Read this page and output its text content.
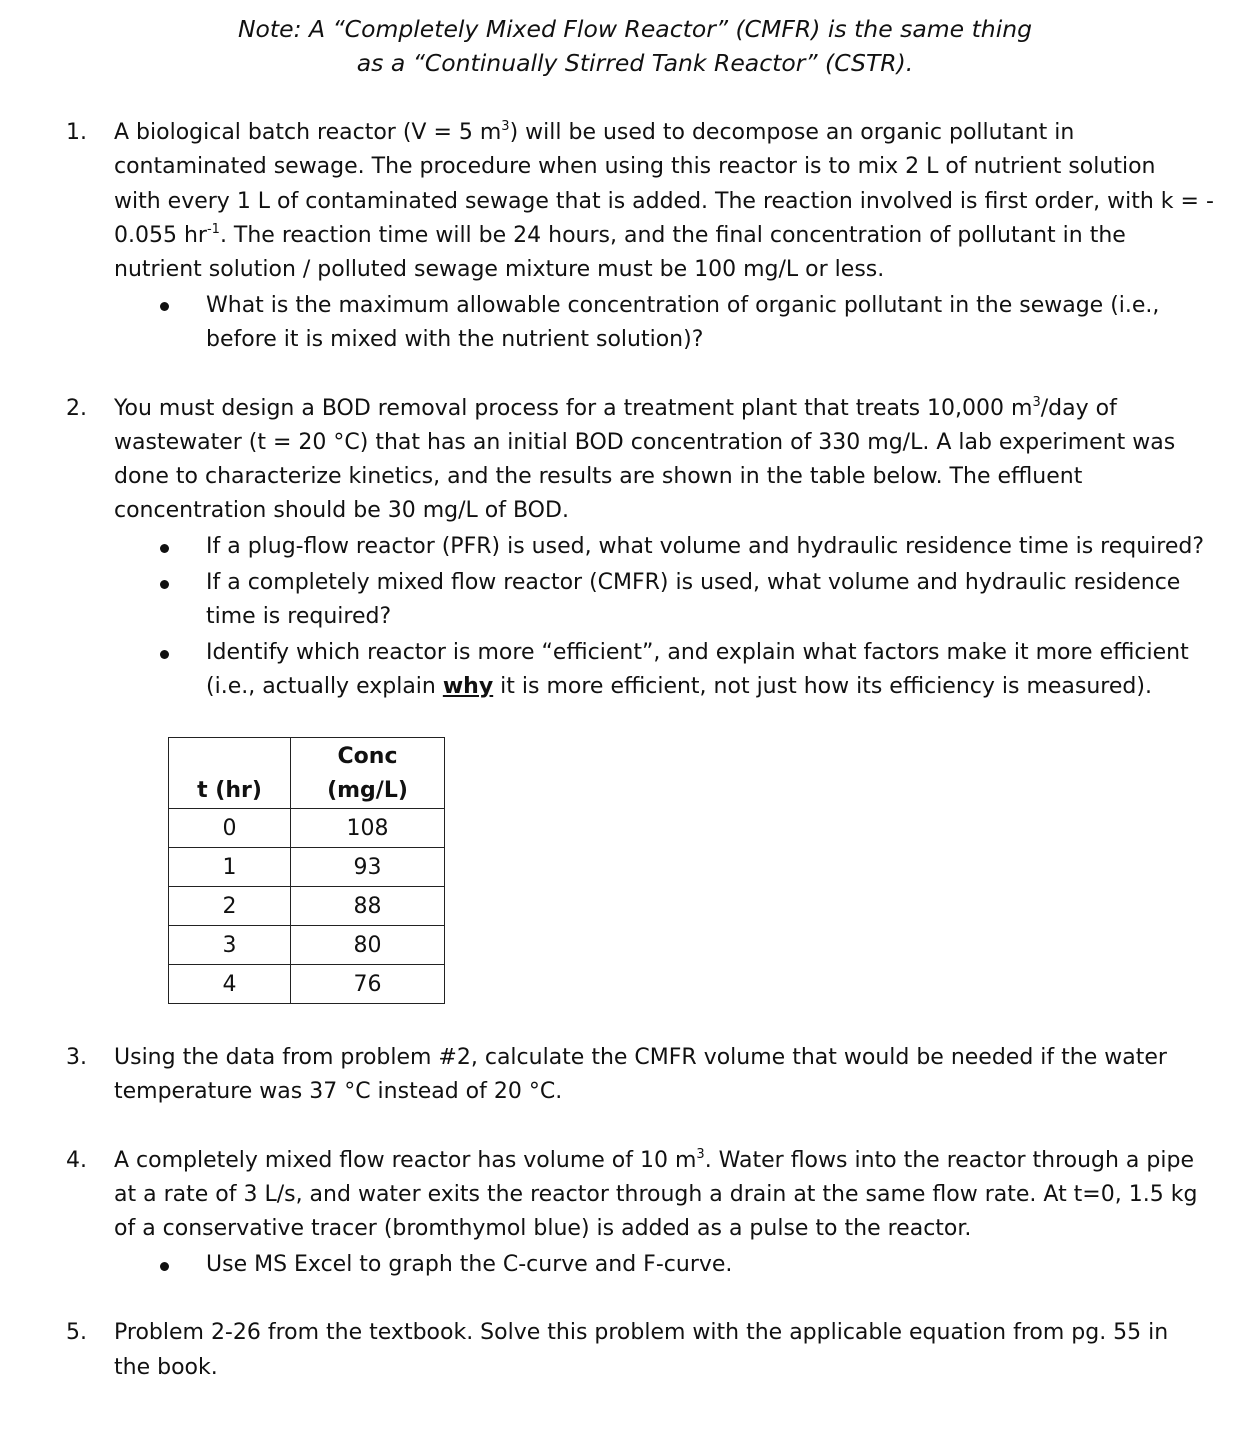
Note: A “Completely Mixed Flow Reactor” (CMFR) is the same thing
as a “Continually Stirred Tank Reactor” (CSTR).
1. A biological batch reactor (V = 5 $m^3$) will be used to decompose an organic pollutant in
contaminated sewage. The procedure when using this reactor is to mix 2 L of nutrient solution
with every 1 L of contaminated sewage that is added. The reaction involved is first order, with k = -
0.055 $hr^{-1}$. The reaction time will be 24 hours, and the final concentration of pollutant in the
nutrient solution / polluted sewage mixture must be 100 mg/L or less.
What is the maximum allowable concentration of organic pollutant in the sewage (i.e.,
before it is mixed with the nutrient solution)?
2. You must design a BOD removal process for a treatment plant that treats 10,000 $m^3$/day of
wastewater (t = 20 °C) that has an initial BOD concentration of 330 mg/L. A lab experiment was
done to characterize kinetics, and the results are shown in the table below. The effluent
concentration should be 30 mg/L of BOD.
If a plug-flow reactor (PFR) is used, what volume and hydraulic residence time is required?
If a completely mixed flow reactor (CMFR) is used, what volume and hydraulic residence
time is required?
Identify which reactor is more “efficient”, and explain what factors make it more efficient
(i.e., actually explain why it is more efficient, not just how its efficiency is measured).
t (hr)	Conc
(mg/L)

0	108
1	93
2	88
3	80
4	76
3. Using the data from problem #2, calculate the CMFR volume that would be needed if the water
temperature was 37 °C instead of 20 °C.
4. A completely mixed flow reactor has volume of 10 $m^3$. Water flows into the reactor through a pipe
at a rate of 3 L/s, and water exits the reactor through a drain at the same flow rate. At t=0, 1.5 kg
of a conservative tracer (bromthymol blue) is added as a pulse to the reactor.
Use MS Excel to graph the C-curve and F-curve.
5. Problem 2-26 from the textbook. Solve this problem with the applicable equation from pg. 55 in
the book.
